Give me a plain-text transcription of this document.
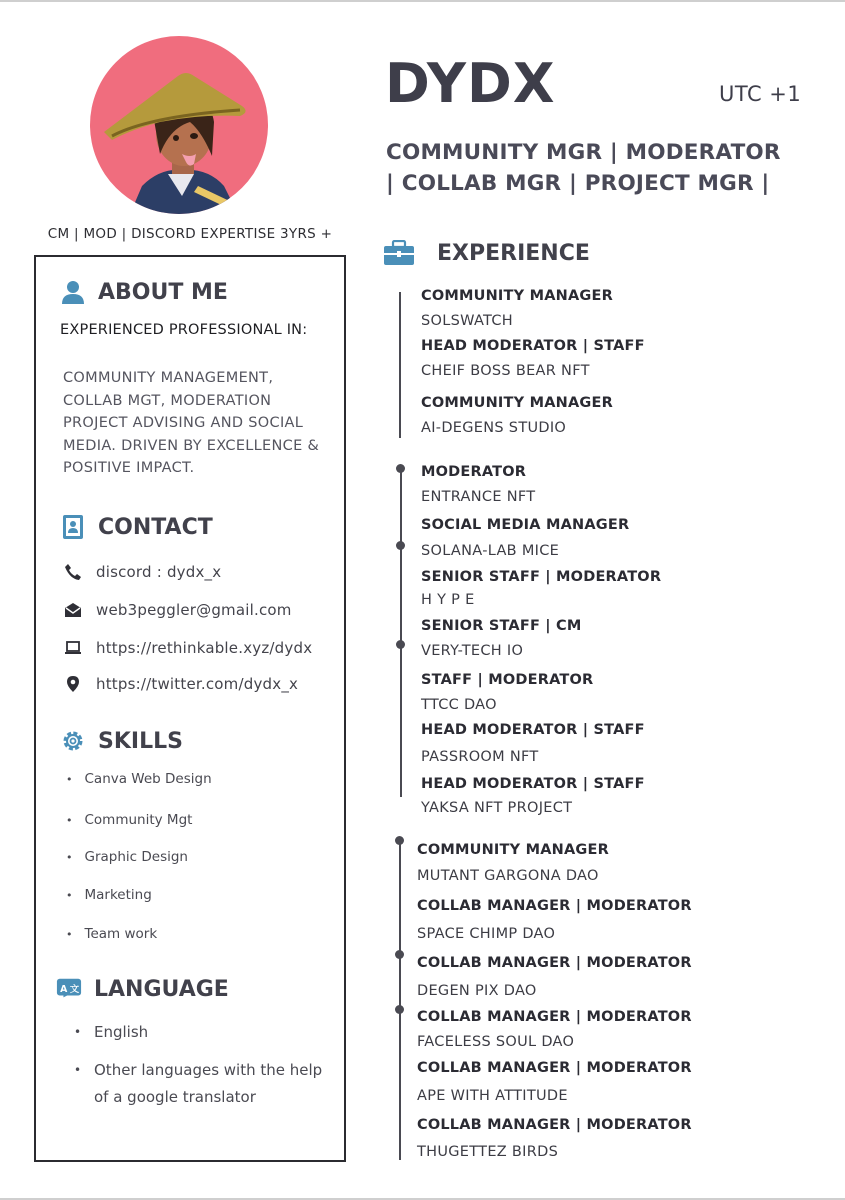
CM | MOD | DISCORD EXPERTISE 3YRS +
ABOUT ME
EXPERIENCED PROFESSIONAL IN:
COMMUNITY MANAGEMENT, COLLAB MGT, MODERATION PROJECT ADVISING AND SOCIAL MEDIA. DRIVEN BY EXCELLENCE & POSITIVE IMPACT.
CONTACT
discord : dydx_x
web3peggler@gmail.com
https://rethinkable.xyz/dydx
https://twitter.com/dydx_x
SKILLS
• Canva Web Design
• Community Mgt
• Graphic Design
• Marketing
• Team work
A 文 LANGUAGE
• English
• Other languages with the help of a google translator
DYDX	UTC +1
COMMUNITY MGR | MODERATOR
| COLLAB MGR | PROJECT MGR |
EXPERIENCE
COMMUNITY MANAGER
SOLSWATCH
HEAD MODERATOR | STAFF
CHEIF BOSS BEAR NFT
COMMUNITY MANAGER
AI-DEGENS STUDIO
MODERATOR
ENTRANCE NFT
SOCIAL MEDIA MANAGER
SOLANA-LAB MICE
SENIOR STAFF | MODERATOR
H Y P E
SENIOR STAFF | CM
VERY-TECH IO
STAFF | MODERATOR
TTCC DAO
HEAD MODERATOR | STAFF
PASSROOM NFT
HEAD MODERATOR | STAFF
YAKSA NFT PROJECT
COMMUNITY MANAGER
MUTANT GARGONA DAO
COLLAB MANAGER | MODERATOR
SPACE CHIMP DAO
COLLAB MANAGER | MODERATOR
DEGEN PIX DAO
COLLAB MANAGER | MODERATOR
FACELESS SOUL DAO
COLLAB MANAGER | MODERATOR
APE WITH ATTITUDE
COLLAB MANAGER | MODERATOR
THUGETTEZ BIRDS
